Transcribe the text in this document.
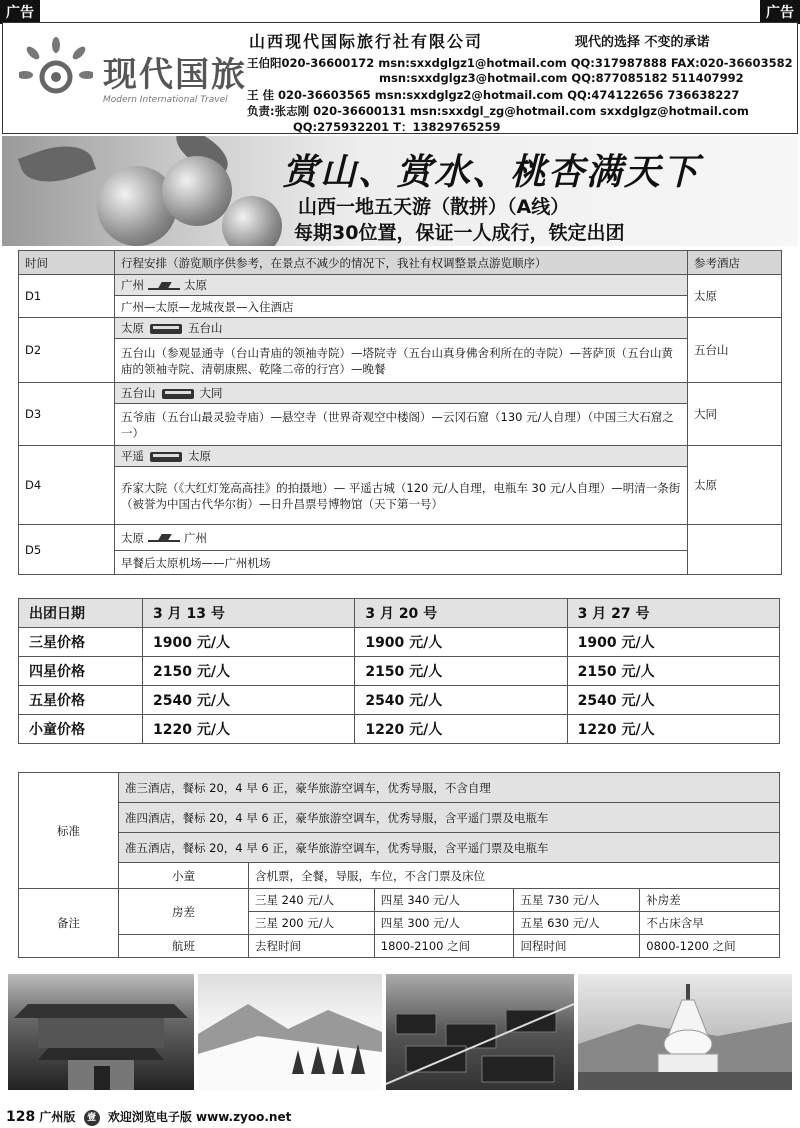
广告	广告
现代国旅
Modern International Travel
山西现代国际旅行社有限公司	现代的选择 不变的承诺
王伯阳020-36600172 msn:sxxdglgz1@hotmail.com QQ:317987888 FAX:020-36603582
msn:sxxdglgz3@hotmail.com QQ:877085182 511407992
王 佳 020-36603565 msn:sxxdglgz2@hotmail.com QQ:474122656 736638227
负责:张志刚 020-36600131 msn:sxxdgl_zg@hotmail.com sxxdglgz@hotmail.com
QQ:275932201 T：13829765259
赏山、赏水、桃杏满天下
山西一地五天游（散拼）（A线）
每期30位置，保证一人成行，铁定出团
时间	行程安排（游览顺序供参考，在景点不减少的情况下，我社有权调整景点游览顺序）	参考酒店
D1	广州 太原	太原
	广州—太原—龙城夜景—入住酒店	
D2	太原 五台山	五台山
	五台山（参观显通寺（台山青庙的领袖寺院）—塔院寺（五台山真身佛舍利所在的寺院）—菩萨顶（五台山黄庙的领袖寺院、清朝康熙、乾隆二帝的行宫）—晚餐	
D3	五台山 大同	大同
	五爷庙（五台山最灵验寺庙）—悬空寺（世界奇观空中楼阁）—云冈石窟（130 元/人自理）（中国三大石窟之一）	
D4	平遥 太原	太原
	乔家大院（《大红灯笼高高挂》的拍摄地）— 平遥古城（120 元/人自理，电瓶车 30 元/人自理）—明清一条街（被誉为中国古代华尔街）—日升昌票号博物馆（天下第一号）	
D5	太原 广州	
	早餐后太原机场——广州机场	
出团日期	3 月 13 号	3 月 20 号	3 月 27 号
三星价格	1900 元/人	1900 元/人	1900 元/人
四星价格	2150 元/人	2150 元/人	2150 元/人
五星价格	2540 元/人	2540 元/人	2540 元/人
小童价格	1220 元/人	1220 元/人	1220 元/人
标准	准三酒店，餐标 20，4 早 6 正，豪华旅游空调车，优秀导服，不含自理				
	准四酒店，餐标 20，4 早 6 正，豪华旅游空调车，优秀导服，含平遥门票及电瓶车				
	准五酒店，餐标 20，4 早 6 正，豪华旅游空调车，优秀导服，含平遥门票及电瓶车				
	小童	含机票，全餐，导服，车位，不含门票及床位			
备注	房差	三星 240 元/人	四星 340 元/人	五星 730 元/人	补房差
		三星 200 元/人	四星 300 元/人	五星 630 元/人	不占床含早
	航班	去程时间	1800-2100 之间	回程时间	0800-1200 之间
128 广州版 壹 欢迎浏览电子版 www.zyoo.net
